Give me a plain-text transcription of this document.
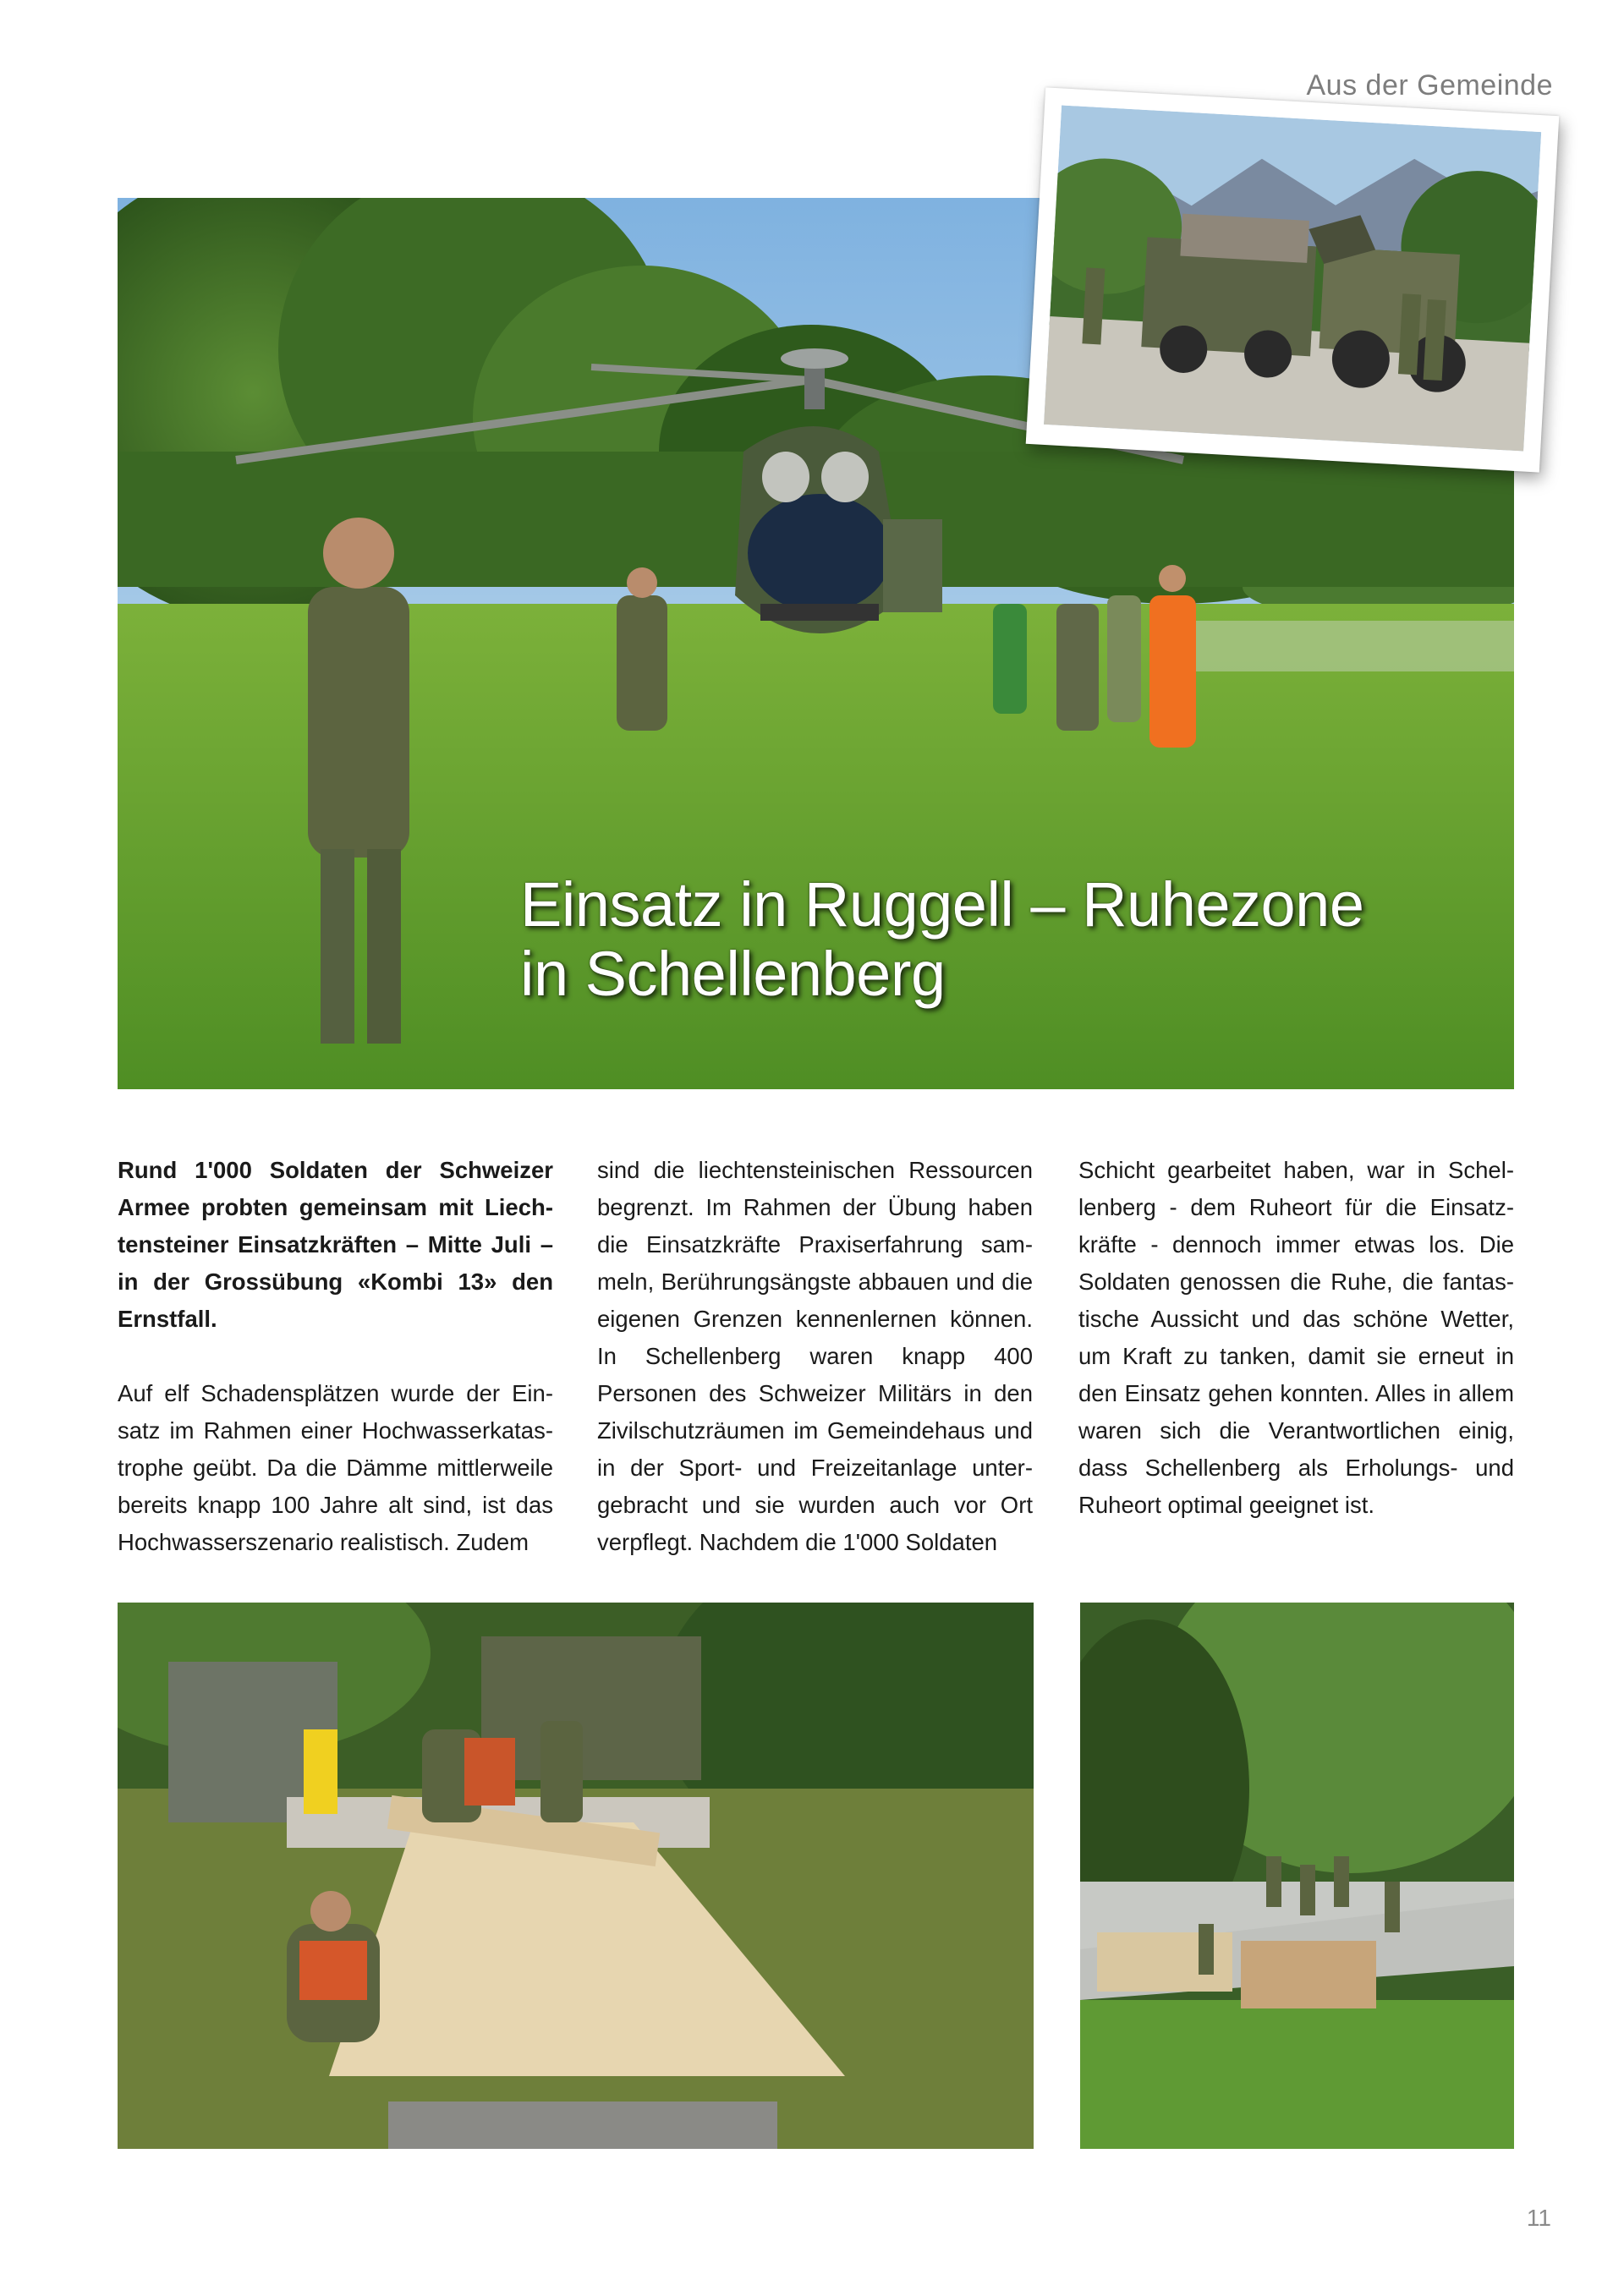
Aus der Gemeinde
Einsatz in Ruggell – Ruhezone
in Schellenberg
Rund 1'000 Soldaten der Schweizer Armee probten gemeinsam mit Liechtensteiner Einsatzkräften – Mitte Juli – in der Grossübung «Kombi 13» den Ernstfall.

Auf elf Schadensplätzen wurde der Einsatz im Rahmen einer Hochwasserkatastrophe geübt. Da die Dämme mittlerweile bereits knapp 100 Jahre alt sind, ist das Hochwasserszenario realistisch. Zudem

sind die liechtensteinischen Ressourcen begrenzt. Im Rahmen der Übung haben die Einsatzkräfte Praxiserfahrung sammeln, Berührungsängste abbauen und die eigenen Grenzen kennenlernen können. In Schellenberg waren knapp 400 Personen des Schweizer Militärs in den Zivilschutzräumen im Gemeindehaus und in der Sport- und Freizeitanlage untergebracht und sie wurden auch vor Ort verpflegt. Nachdem die 1'000 Soldaten

Schicht gearbeitet haben, war in Schellenberg - dem Ruheort für die Einsatzkräfte - dennoch immer etwas los. Die Soldaten genossen die Ruhe, die fantastische Aussicht und das schöne Wetter, um Kraft zu tanken, damit sie erneut in den Einsatz gehen konnten. Alles in allem waren sich die Verantwortlichen einig, dass Schellenberg als Erholungs- und Ruheort optimal geeignet ist.

11
